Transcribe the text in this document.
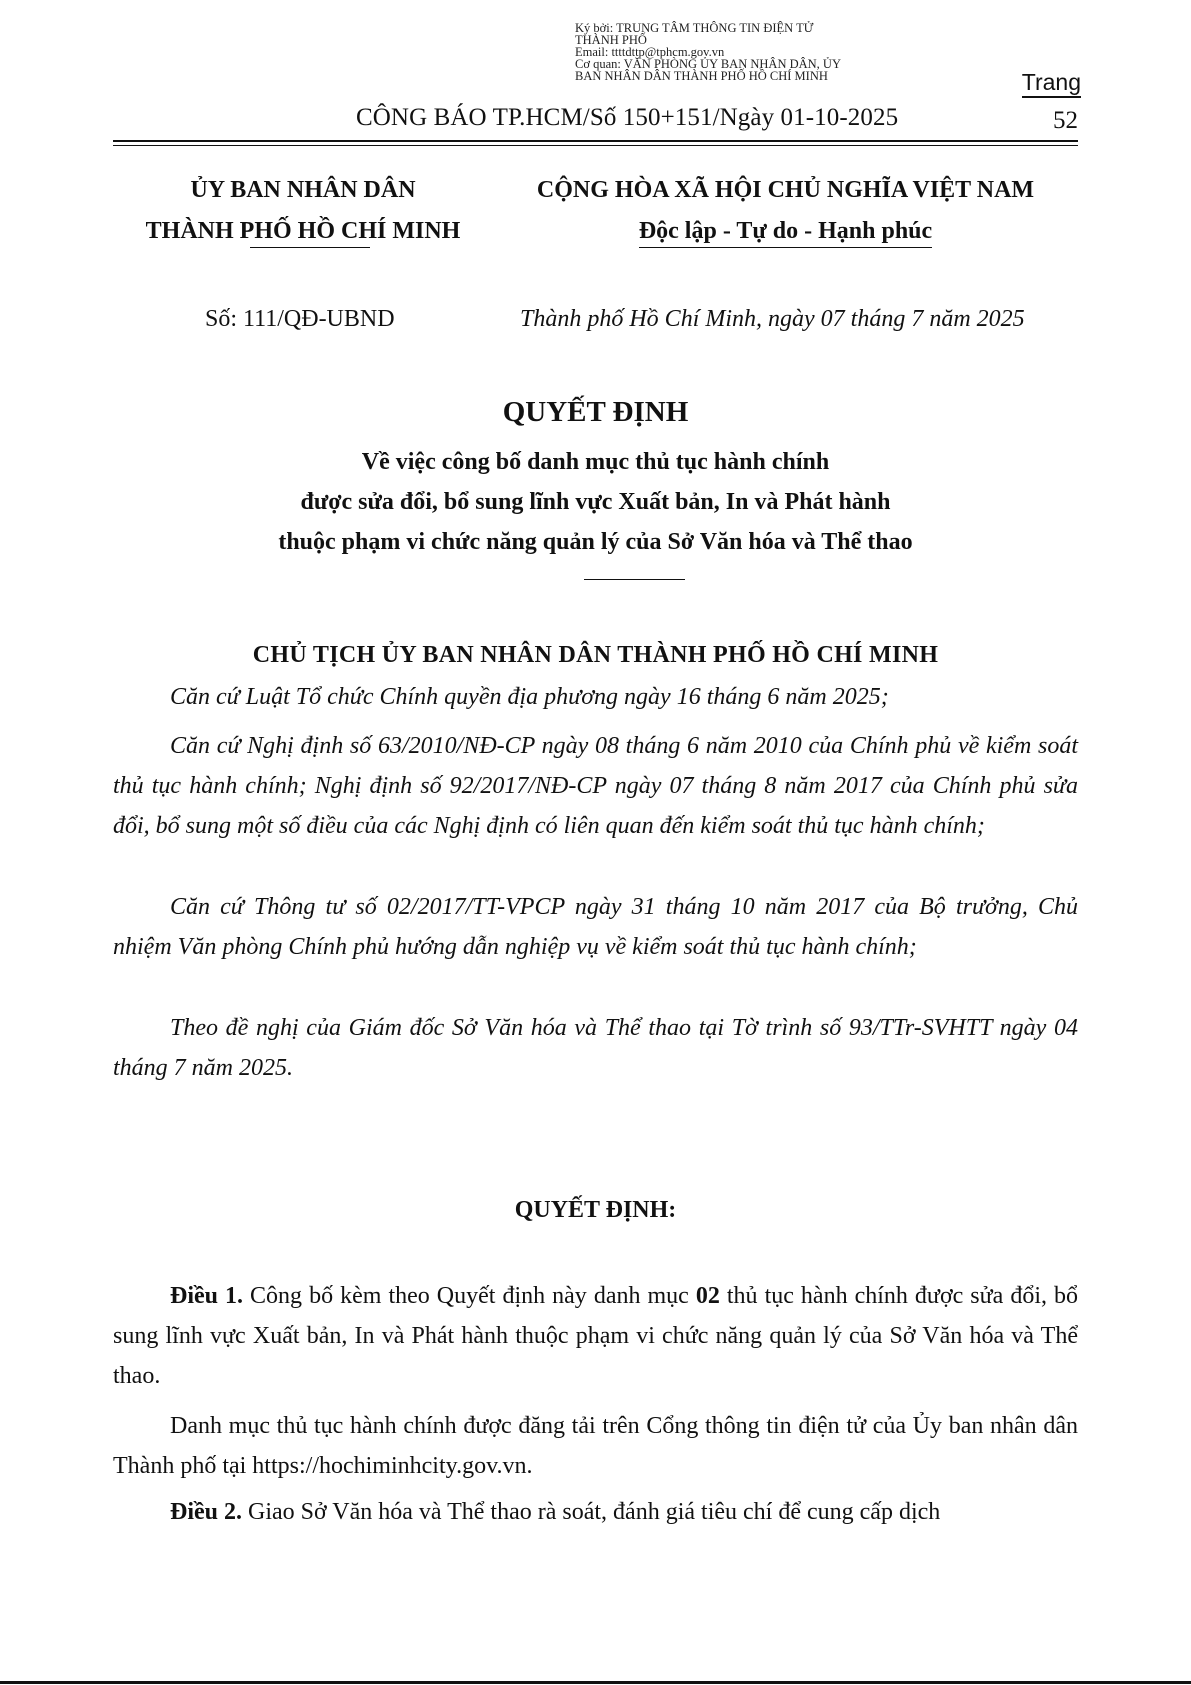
Ký bởi: TRUNG TÂM THÔNG TIN ĐIỆN TỬ
THÀNH PHỐ
Email: ttttdttp@tphcm.gov.vn
Cơ quan: VĂN PHÒNG ỦY BAN NHÂN DÂN, ỦY
BAN NHÂN DÂN THÀNH PHỐ HỒ CHÍ MINH	Trang
CÔNG BÁO TP.HCM/Số 150+151/Ngày 01-10-2025	52
ỦY BAN NHÂN DÂN
THÀNH PHỐ HỒ CHÍ MINH
CỘNG HÒA XÃ HỘI CHỦ NGHĨA VIỆT NAM
Độc lập - Tự do - Hạnh phúc
Số: 111/QĐ-UBND	Thành phố Hồ Chí Minh, ngày 07 tháng 7 năm 2025
QUYẾT ĐỊNH
Về việc công bố danh mục thủ tục hành chính
được sửa đổi, bổ sung lĩnh vực Xuất bản, In và Phát hành
thuộc phạm vi chức năng quản lý của Sở Văn hóa và Thể thao
CHỦ TỊCH ỦY BAN NHÂN DÂN THÀNH PHỐ HỒ CHÍ MINH
Căn cứ Luật Tổ chức Chính quyền địa phương ngày 16 tháng 6 năm 2025;
Căn cứ Nghị định số 63/2010/NĐ-CP ngày 08 tháng 6 năm 2010 của Chính phủ về kiểm soát thủ tục hành chính; Nghị định số 92/2017/NĐ-CP ngày 07 tháng 8 năm 2017 của Chính phủ sửa đổi, bổ sung một số điều của các Nghị định có liên quan đến kiểm soát thủ tục hành chính;
Căn cứ Thông tư số 02/2017/TT-VPCP ngày 31 tháng 10 năm 2017 của Bộ trưởng, Chủ nhiệm Văn phòng Chính phủ hướng dẫn nghiệp vụ về kiểm soát thủ tục hành chính;
Theo đề nghị của Giám đốc Sở Văn hóa và Thể thao tại Tờ trình số 93/TTr-SVHTT ngày 04 tháng 7 năm 2025.
QUYẾT ĐỊNH:
Điều 1. Công bố kèm theo Quyết định này danh mục 02 thủ tục hành chính được sửa đổi, bổ sung lĩnh vực Xuất bản, In và Phát hành thuộc phạm vi chức năng quản lý của Sở Văn hóa và Thể thao.
Danh mục thủ tục hành chính được đăng tải trên Cổng thông tin điện tử của Ủy ban nhân dân Thành phố tại https://hochiminhcity.gov.vn.
Điều 2. Giao Sở Văn hóa và Thể thao rà soát, đánh giá tiêu chí để cung cấp dịch
